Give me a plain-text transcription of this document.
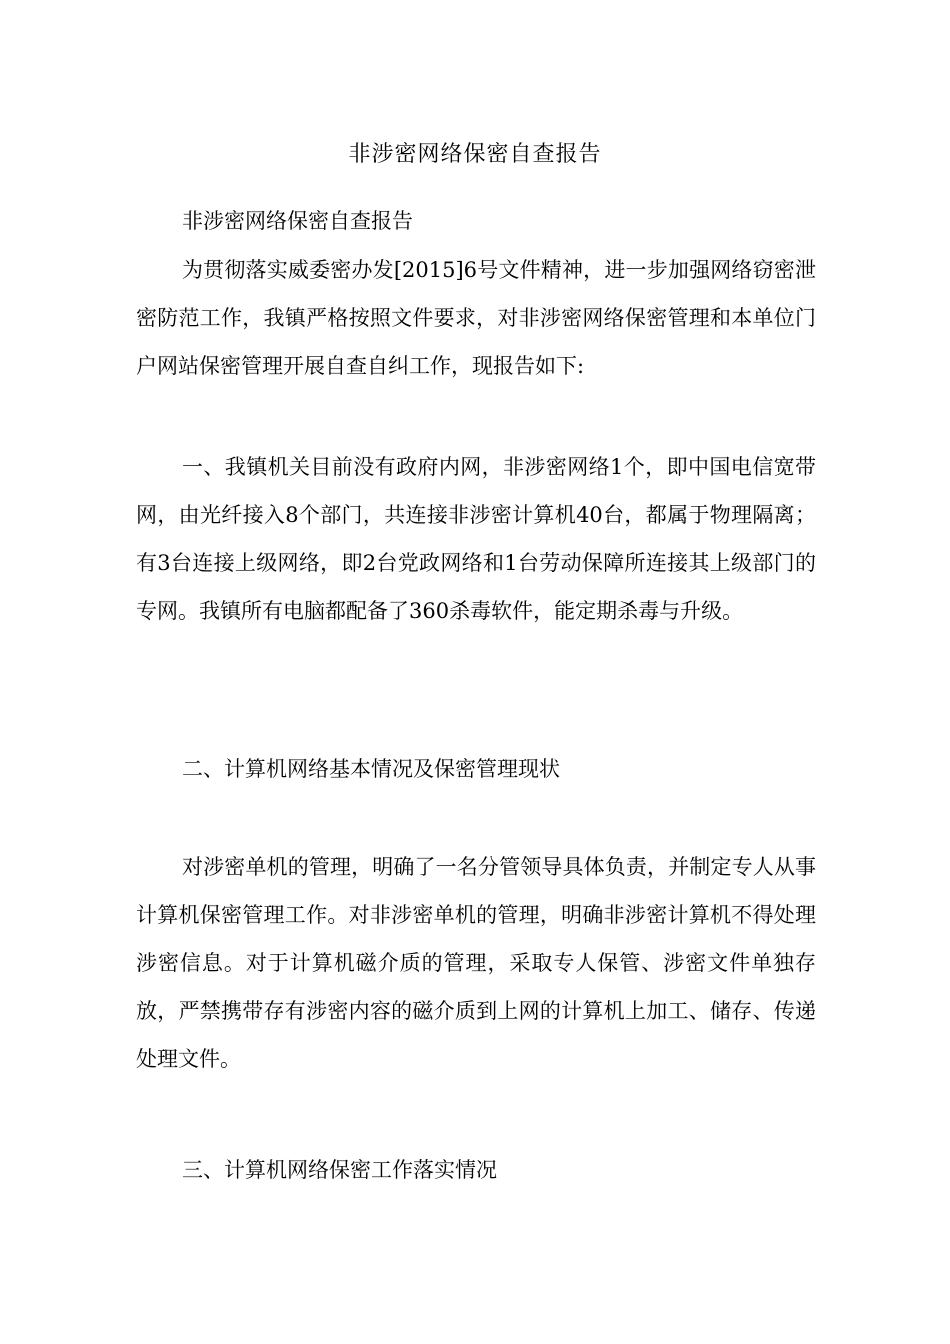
非涉密网络保密自查报告

非涉密网络保密自查报告

为贯彻落实威委密办发[2015]6号文件精神，进一步加强网络窃密泄密防范工作，我镇严格按照文件要求，对非涉密网络保密管理和本单位门户网站保密管理开展自查自纠工作，现报告如下:

一、我镇机关目前没有政府内网，非涉密网络1个，即中国电信宽带网，由光纤接入8个部门，共连接非涉密计算机40台，都属于物理隔离；有3台连接上级网络，即2台党政网络和1台劳动保障所连接其上级部门的专网。我镇所有电脑都配备了360杀毒软件，能定期杀毒与升级。

二、计算机网络基本情况及保密管理现状

对涉密单机的管理，明确了一名分管领导具体负责，并制定专人从事计算机保密管理工作。对非涉密单机的管理，明确非涉密计算机不得处理涉密信息。对于计算机磁介质的管理，采取专人保管、涉密文件单独存放，严禁携带存有涉密内容的磁介质到上网的计算机上加工、储存、传递处理文件。

三、计算机网络保密工作落实情况
